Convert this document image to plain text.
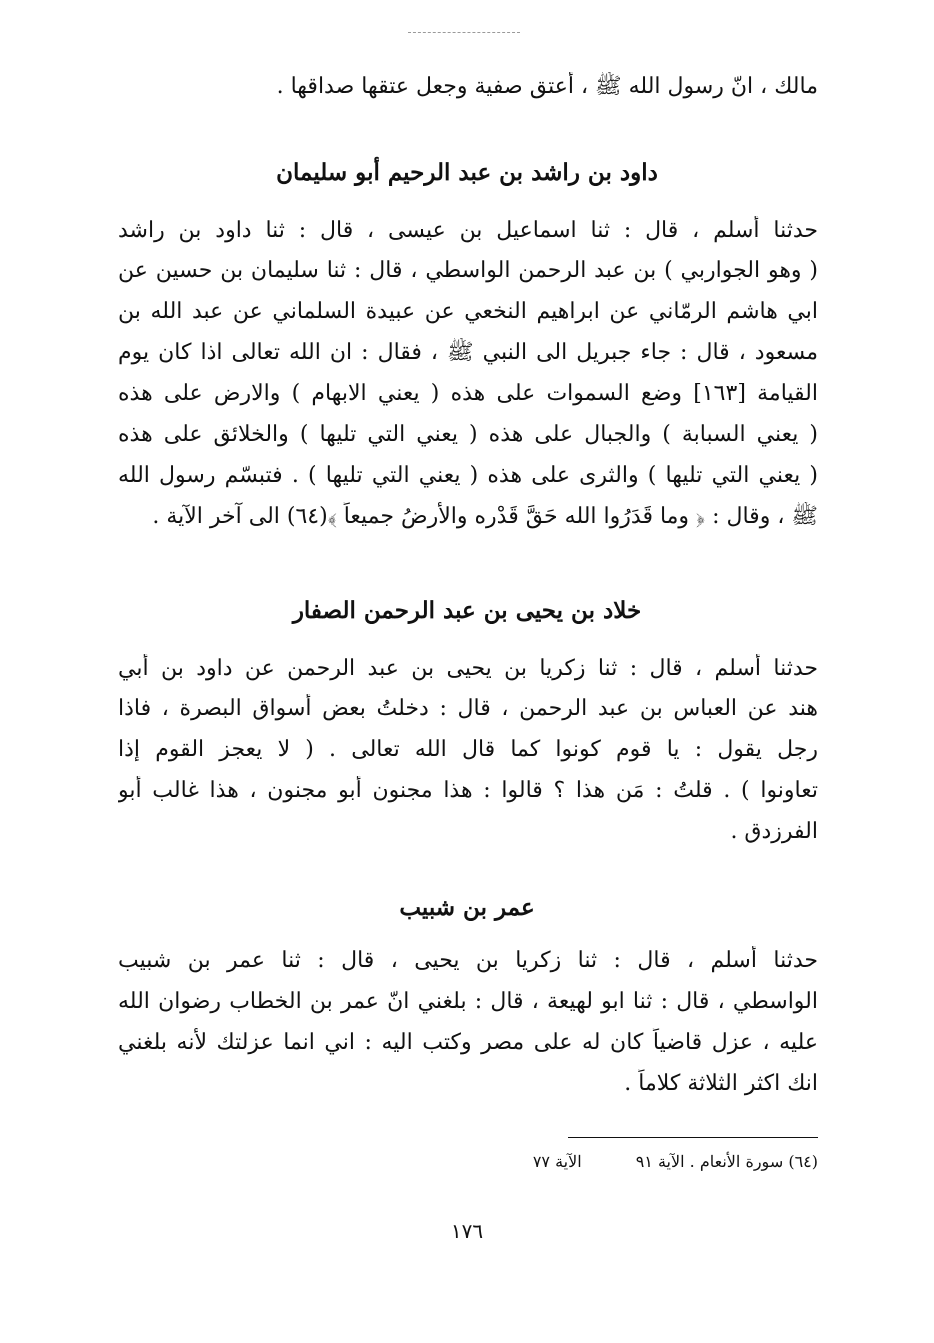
مالك ، انّ رسول الله ﷺ ، أعتق صفية وجعل عتقها صداقها .
داود بن راشد بن عبد الرحيم أبو سليمان
حدثنا أسلم ، قال : ثنا اسماعيل بن عيسى ، قال : ثنا داود بن راشد
( وهو الجواربي ) بن عبد الرحمن الواسطي ، قال : ثنا سليمان بن حسين عن
ابي هاشم الرمّاني عن ابراهيم النخعي عن عبيدة السلماني عن عبد الله بن
مسعود ، قال : جاء جبريل الى النبي ﷺ ، فقال : ان الله تعالى اذا كان يوم
القيامة [١٦٣] وضع السموات على هذه ( يعني الابهام ) والارض على هذه
( يعني السبابة ) والجبال على هذه ( يعني التي تليها ) والخلائق على هذه
( يعني التي تليها ) والثرى على هذه ( يعني التي تليها ) . فتبسّم رسول الله
ﷺ ، وقال : ﴿ وما قَدَرُوا الله حَقَّ قَدْره والأرضُ جميعاً ﴾(٦٤) الى آخر الآية .
خلاد بن يحيى بن عبد الرحمن الصفار
حدثنا أسلم ، قال : ثنا زكريا بن يحيى بن عبد الرحمن عن داود بن أبي
هند عن العباس بن عبد الرحمن ، قال : دخلتُ بعض أسواق البصرة ، فاذا
رجل يقول : يا قوم كونوا كما قال الله تعالى . ( لا يعجز القوم إذا
تعاونوا ) . قلتُ : مَن هذا ؟ قالوا : هذا مجنون أبو مجنون ، هذا غالب أبو
الفرزدق .
عمر بن شبيب
حدثنا أسلم ، قال : ثنا زكريا بن يحيى ، قال : ثنا عمر بن شبيب
الواسطي ، قال : ثنا ابو لهيعة ، قال : بلغني انّ عمر بن الخطاب رضوان الله
عليه ، عزل قاضياً كان له على مصر وكتب اليه : اني انما عزلتك لأنه بلغني
انك اكثر الثلاثة كلاماً .
(٦٤) سورة الأنعام . الآية ٩١الآية ٧٧
١٧٦
